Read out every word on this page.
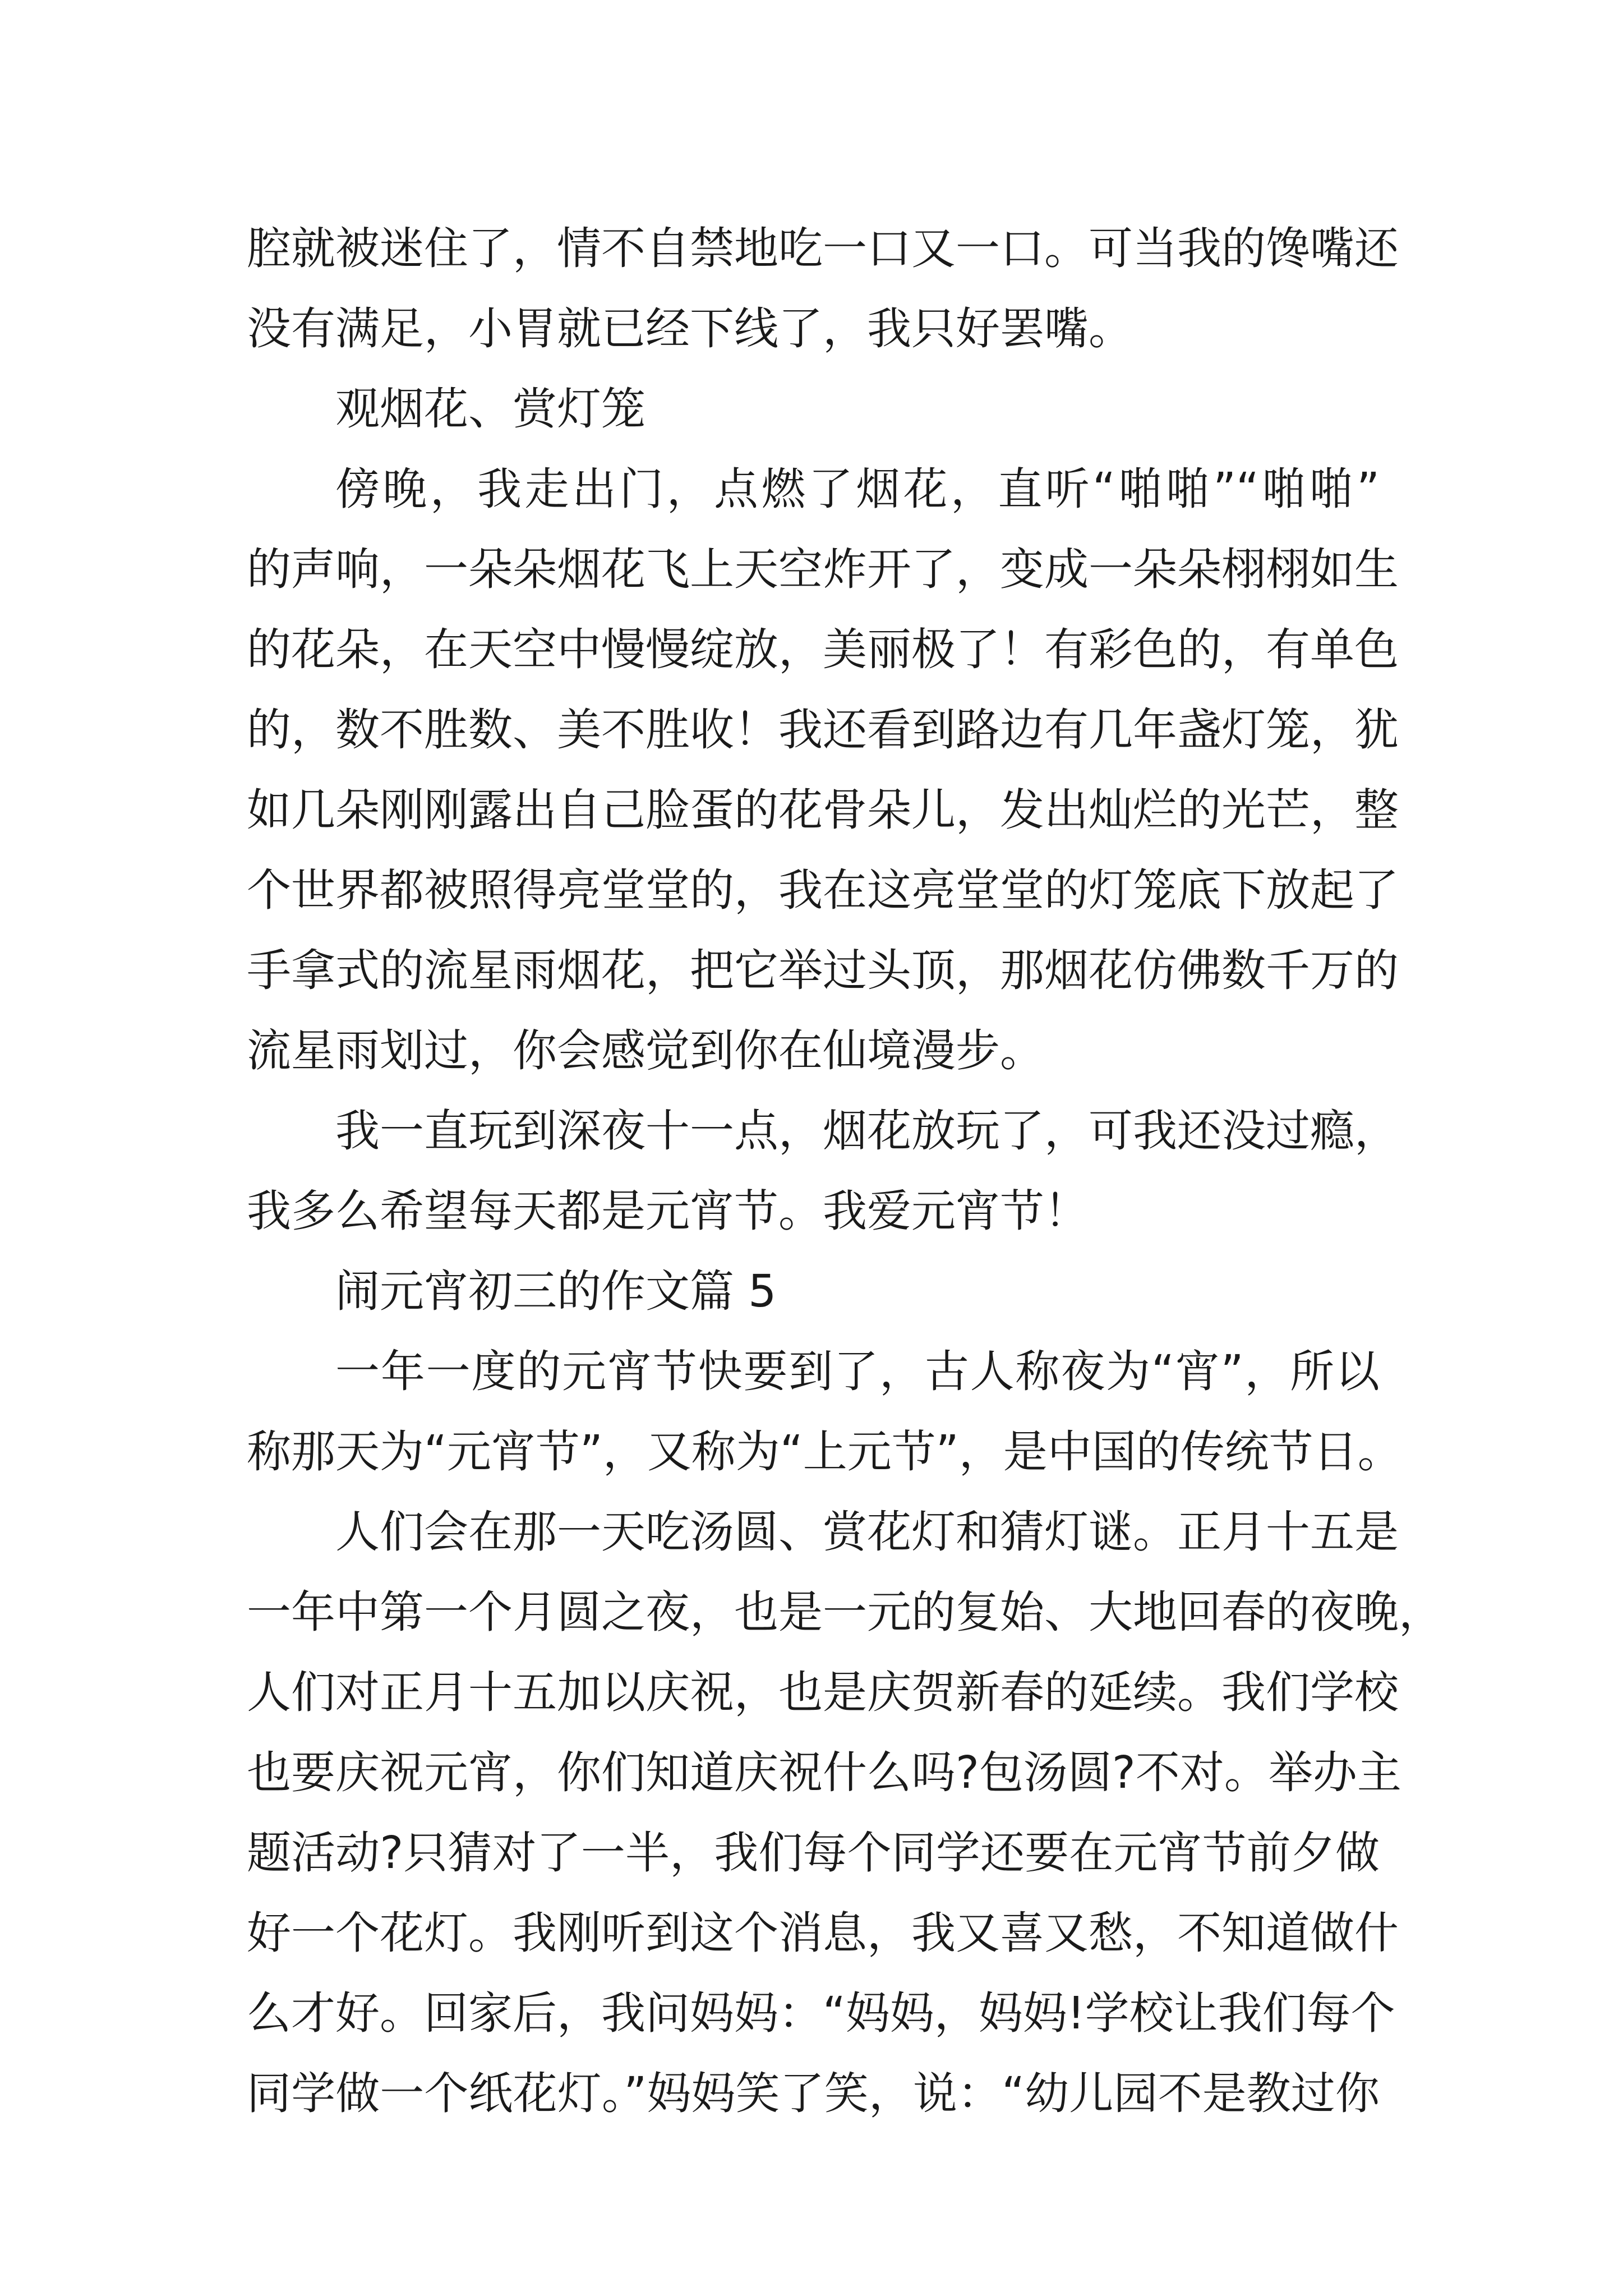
腔就被迷住了，情不自禁地吃一口又一口。可当我的馋嘴还
没有满足，小胃就已经下线了，我只好罢嘴。
观烟花、赏灯笼
傍晚，我走出门，点燃了烟花，直听“啪啪”“啪啪”
的声响，一朵朵烟花飞上天空炸开了，变成一朵朵栩栩如生
的花朵，在天空中慢慢绽放，美丽极了！有彩色的，有单色
的，数不胜数、美不胜收！我还看到路边有几年盏灯笼，犹
如几朵刚刚露出自己脸蛋的花骨朵儿，发出灿烂的光芒，整
个世界都被照得亮堂堂的，我在这亮堂堂的灯笼底下放起了
手拿式的流星雨烟花，把它举过头顶，那烟花仿佛数千万的
流星雨划过，你会感觉到你在仙境漫步。
我一直玩到深夜十一点，烟花放玩了，可我还没过瘾，
我多么希望每天都是元宵节。我爱元宵节！
闹元宵初三的作文篇 5
一年一度的元宵节快要到了，古人称夜为“宵”，所以
称那天为“元宵节”，又称为“上元节”，是中国的传统节日。
人们会在那一天吃汤圆、赏花灯和猜灯谜。正月十五是
一年中第一个月圆之夜，也是一元的复始、大地回春的夜晚，
人们对正月十五加以庆祝，也是庆贺新春的延续。我们学校
也要庆祝元宵，你们知道庆祝什么吗?包汤圆?不对。举办主
题活动?只猜对了一半，我们每个同学还要在元宵节前夕做
好一个花灯。我刚听到这个消息，我又喜又愁，不知道做什
么才好。回家后，我问妈妈：“妈妈，妈妈!学校让我们每个
同学做一个纸花灯。”妈妈笑了笑，说：“幼儿园不是教过你
